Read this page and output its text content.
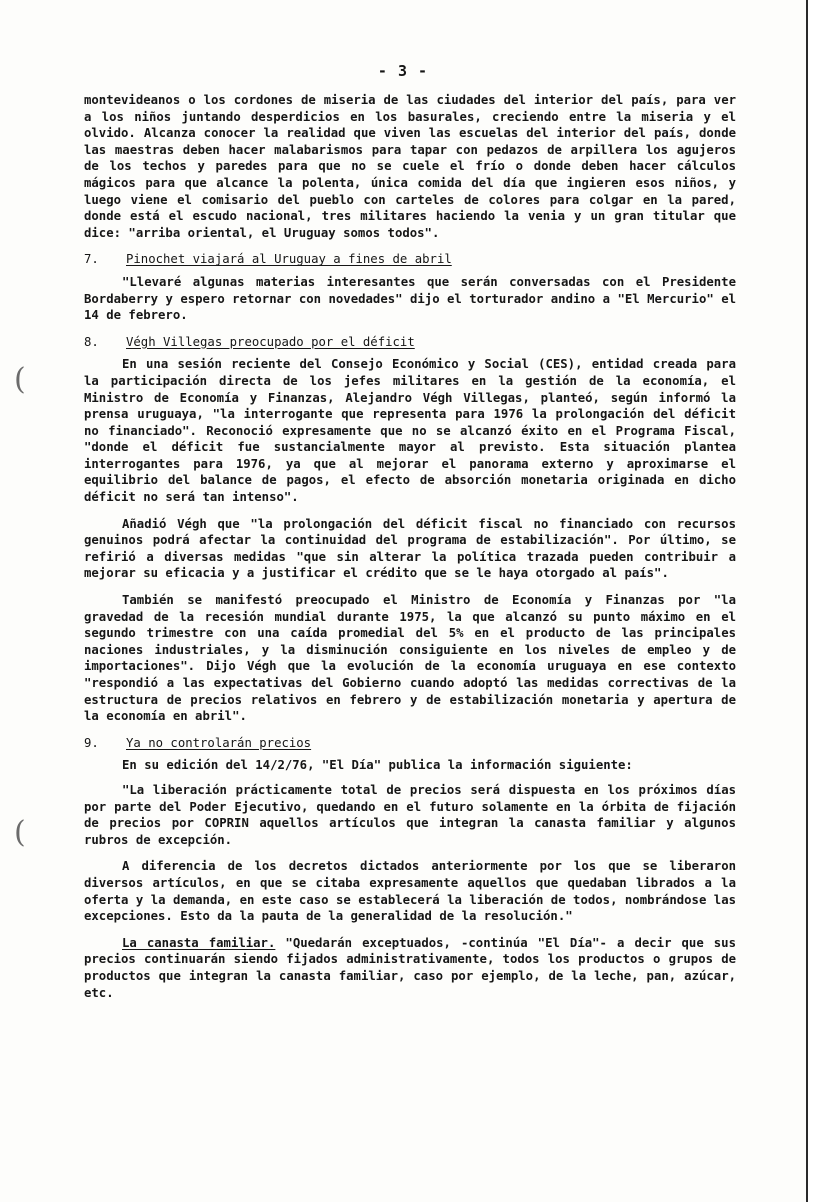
- 3 -
(
(

montevideanos o los cordones de miseria de las ciudades del interior del país, para ver a los niños juntando desperdicios en los basurales, creciendo entre la miseria y el olvido. Alcanza conocer la realidad que viven las escuelas del interior del país, donde las maestras deben hacer malabarismos para tapar con pedazos de arpillera los agujeros de los techos y paredes para que no se cuele el frío o donde deben hacer cálculos mágicos para que alcance la polenta, única comida del día que ingieren esos niños, y luego viene el comisario del pueblo con carteles de colores para colgar en la pared, donde está el escudo nacional, tres militares haciendo la venia y un gran titular que dice: "arriba oriental, el Uruguay somos todos".

7.	Pinochet viajará al Uruguay a fines de abril

"Llevaré algunas materias interesantes que serán conversadas con el Presidente Bordaberry y espero retornar con novedades" dijo el torturador andino a "El Mercurio" el 14 de febrero.

8.	Végh Villegas preocupado por el déficit

En una sesión reciente del Consejo Económico y Social (CES), entidad creada para la participación directa de los jefes militares en la gestión de la economía, el Ministro de Economía y Finanzas, Alejandro Végh Villegas, planteó, según informó la prensa uruguaya, "la interrogante que representa para 1976 la prolongación del déficit no financiado". Reconoció expresamente que no se alcanzó éxito en el Programa Fiscal, "donde el déficit fue sustancialmente mayor al previsto. Esta situación plantea interrogantes para 1976, ya que al mejorar el panorama externo y aproximarse el equilibrio del balance de pagos, el efecto de absorción monetaria originada en dicho déficit no será tan intenso".

Añadió Végh que "la prolongación del déficit fiscal no financiado con recursos genuinos podrá afectar la continuidad del programa de estabilización". Por último, se refirió a diversas medidas "que sin alterar la política trazada pueden contribuir a mejorar su eficacia y a justificar el crédito que se le haya otorgado al país".

También se manifestó preocupado el Ministro de Economía y Finanzas por "la gravedad de la recesión mundial durante 1975, la que alcanzó su punto máximo en el segundo trimestre con una caída promedial del 5% en el producto de las principales naciones industriales, y la disminución consiguiente en los niveles de empleo y de importaciones". Dijo Végh que la evolución de la economía uruguaya en ese contexto "respondió a las expectativas del Gobierno cuando adoptó las medidas correctivas de la estructura de precios relativos en febrero y de estabilización monetaria y apertura de la economía en abril".

9.	Ya no controlarán precios

En su edición del 14/2/76, "El Día" publica la información siguiente:

"La liberación prácticamente total de precios será dispuesta en los próximos días por parte del Poder Ejecutivo, quedando en el futuro solamente en la órbita de fijación de precios por COPRIN aquellos artículos que integran la canasta familiar y algunos rubros de excepción.

A diferencia de los decretos dictados anteriormente por los que se liberaron diversos artículos, en que se citaba expresamente aquellos que quedaban librados a la oferta y la demanda, en este caso se establecerá la liberación de todos, nombrándose las excepciones. Esto da la pauta de la generalidad de la resolución."

La canasta familiar. "Quedarán exceptuados, -continúa "El Día"- a decir que sus precios continuarán siendo fijados administrativamente, todos los productos o grupos de productos que integran la canasta familiar, caso por ejemplo, de la leche, pan, azúcar, etc.
